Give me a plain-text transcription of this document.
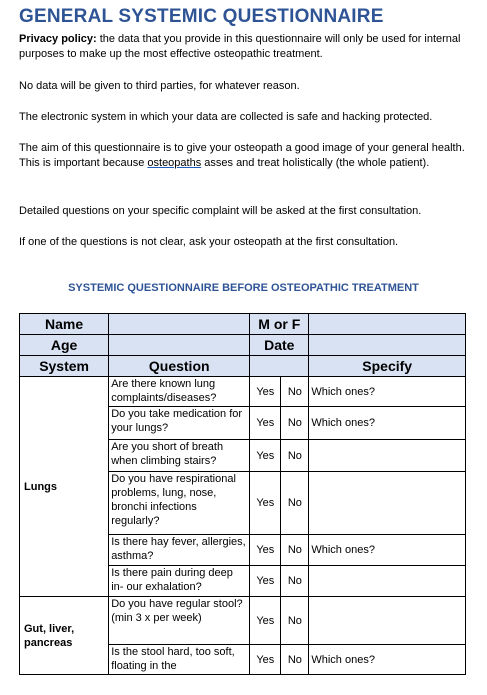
GENERAL SYSTEMIC QUESTIONNAIRE

Privacy policy: the data that you provide in this questionnaire will only be used for internal purposes to make up the most effective osteopathic treatment.

No data will be given to third parties, for whatever reason.

The electronic system in which your data are collected is safe and hacking protected.

The aim of this questionnaire is to give your osteopath a good image of your general health. This is important because osteopaths asses and treat holistically (the whole patient).

Detailed questions on your specific complaint will be asked at the first consultation.

If one of the questions is not clear, ask your osteopath at the first consultation.

SYSTEMIC QUESTIONNAIRE BEFORE OSTEOPATHIC TREATMENT
Name		M or F		
Age		Date		
System	Question			Specify
Lungs	Are there known lung complaints/diseases?	Yes	No	Which ones?
	Do you take medication for your lungs?	Yes	No	Which ones?
	Are you short of breath when climbing stairs?	Yes	No	
	Do you have respirational problems, lung, nose, bronchi infections regularly?	Yes	No	
	Is there hay fever, allergies, asthma?	Yes	No	Which ones?
	Is there pain during deep in- our exhalation?	Yes	No	
Gut, liver, pancreas	Do you have regular stool? (min 3 x per week)	Yes	No	
	Is the stool hard, too soft, floating in the	Yes	No	Which ones?
